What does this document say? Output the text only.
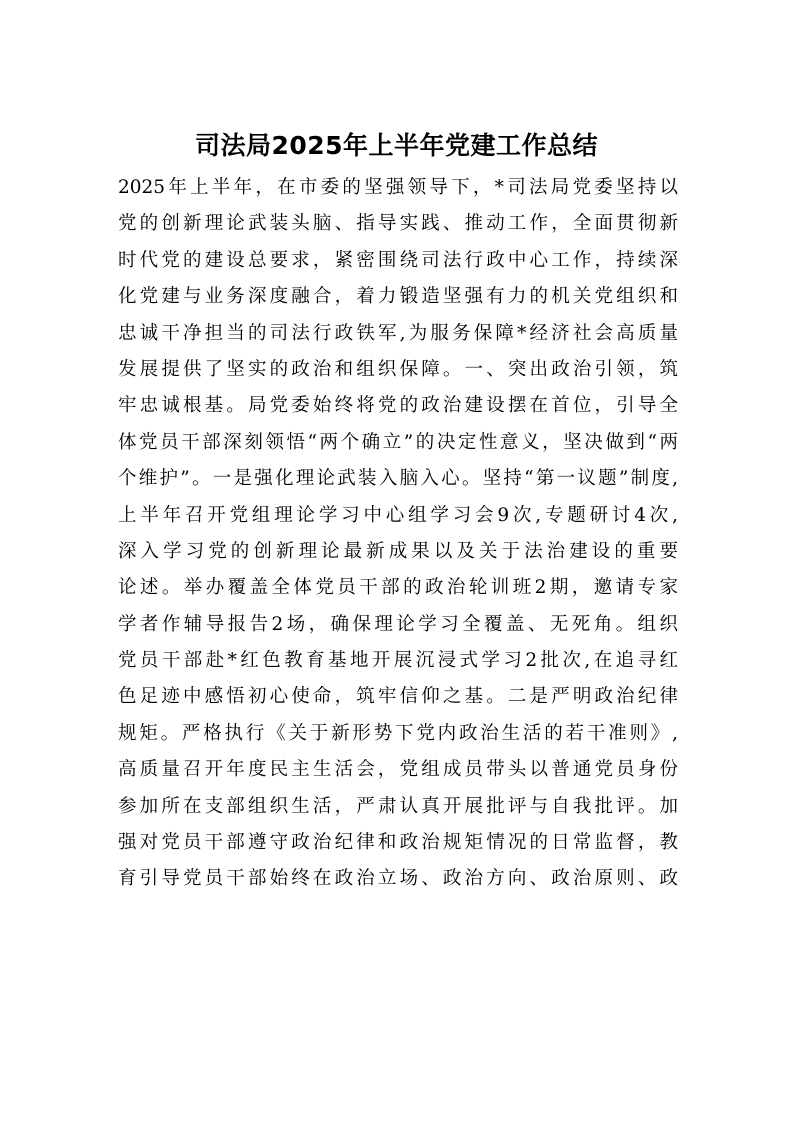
司法局2025年上半年党建工作总结
2025年上半年，在市委的坚强领导下，*司法局党委坚持以
党的创新理论武装头脑、指导实践、推动工作，全面贯彻新
时代党的建设总要求，紧密围绕司法行政中心工作，持续深
化党建与业务深度融合，着力锻造坚强有力的机关党组织和
忠诚干净担当的司法行政铁军,为服务保障*经济社会高质量
发展提供了坚实的政治和组织保障。一、突出政治引领，筑
牢忠诚根基。局党委始终将党的政治建设摆在首位，引导全
体党员干部深刻领悟“两个确立”的决定性意义，坚决做到“两
个维护”。一是强化理论武装入脑入心。坚持“第一议题”制度,
上半年召开党组理论学习中心组学习会9次,专题研讨4次,
深入学习党的创新理论最新成果以及关于法治建设的重要
论述。举办覆盖全体党员干部的政治轮训班2期，邀请专家
学者作辅导报告2场，确保理论学习全覆盖、无死角。组织
党员干部赴*红色教育基地开展沉浸式学习2批次,在追寻红
色足迹中感悟初心使命，筑牢信仰之基。二是严明政治纪律
规矩。严格执行《关于新形势下党内政治生活的若干准则》,
高质量召开年度民主生活会，党组成员带头以普通党员身份
参加所在支部组织生活，严肃认真开展批评与自我批评。加
强对党员干部遵守政治纪律和政治规矩情况的日常监督，教
育引导党员干部始终在政治立场、政治方向、政治原则、政
